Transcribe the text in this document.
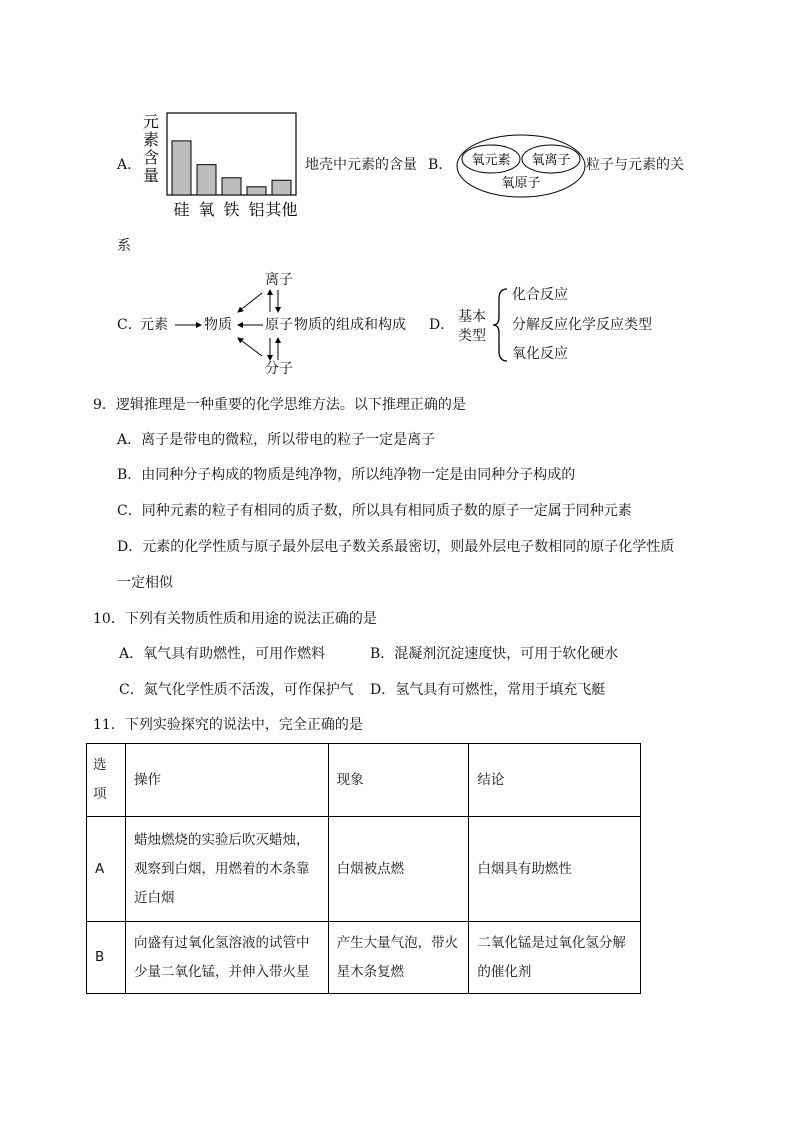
A．
元
素
含
量
硅 氧 铁 铝 其他
地壳中元素的含量 B． 氧元素 氧离子
氧原子
粒子与元素的关
系
C．
元素	物质 原子
离子
分子
物质的组成和构成 D． 基本
类型
化合反应
分解反应 化学反应类型
氧化反应
9．逻辑推理是一种重要的化学思维方法。以下推理正确的是
A．离子是带电的微粒，所以带电的粒子一定是离子
B．由同种分子构成的物质是纯净物，所以纯净物一定是由同种分子构成的
C．同种元素的粒子有相同的质子数，所以具有相同质子数的原子一定属于同种元素
D．元素的化学性质与原子最外层电子数关系最密切，则最外层电子数相同的原子化学性质
一定相似
10．下列有关物质性质和用途的说法正确的是
A．氧气具有助燃性，可用作燃料	B．混凝剂沉淀速度快，可用于软化硬水
C．氮气化学性质不活泼，可作保护气 D．氢气具有可燃性，常用于填充飞艇
11．下列实验探究的说法中，完全正确的是
选项	操作	现象	结论
A	蜡烛燃烧的实验后吹灭蜡烛，观察到白烟，用燃着的木条靠近白烟	白烟被点燃	白烟具有助燃性
B	向盛有过氧化氢溶液的试管中少量二氧化锰，并伸入带火星	产生大量气泡，带火星木条复燃	二氧化锰是过氧化氢分解的催化剂
